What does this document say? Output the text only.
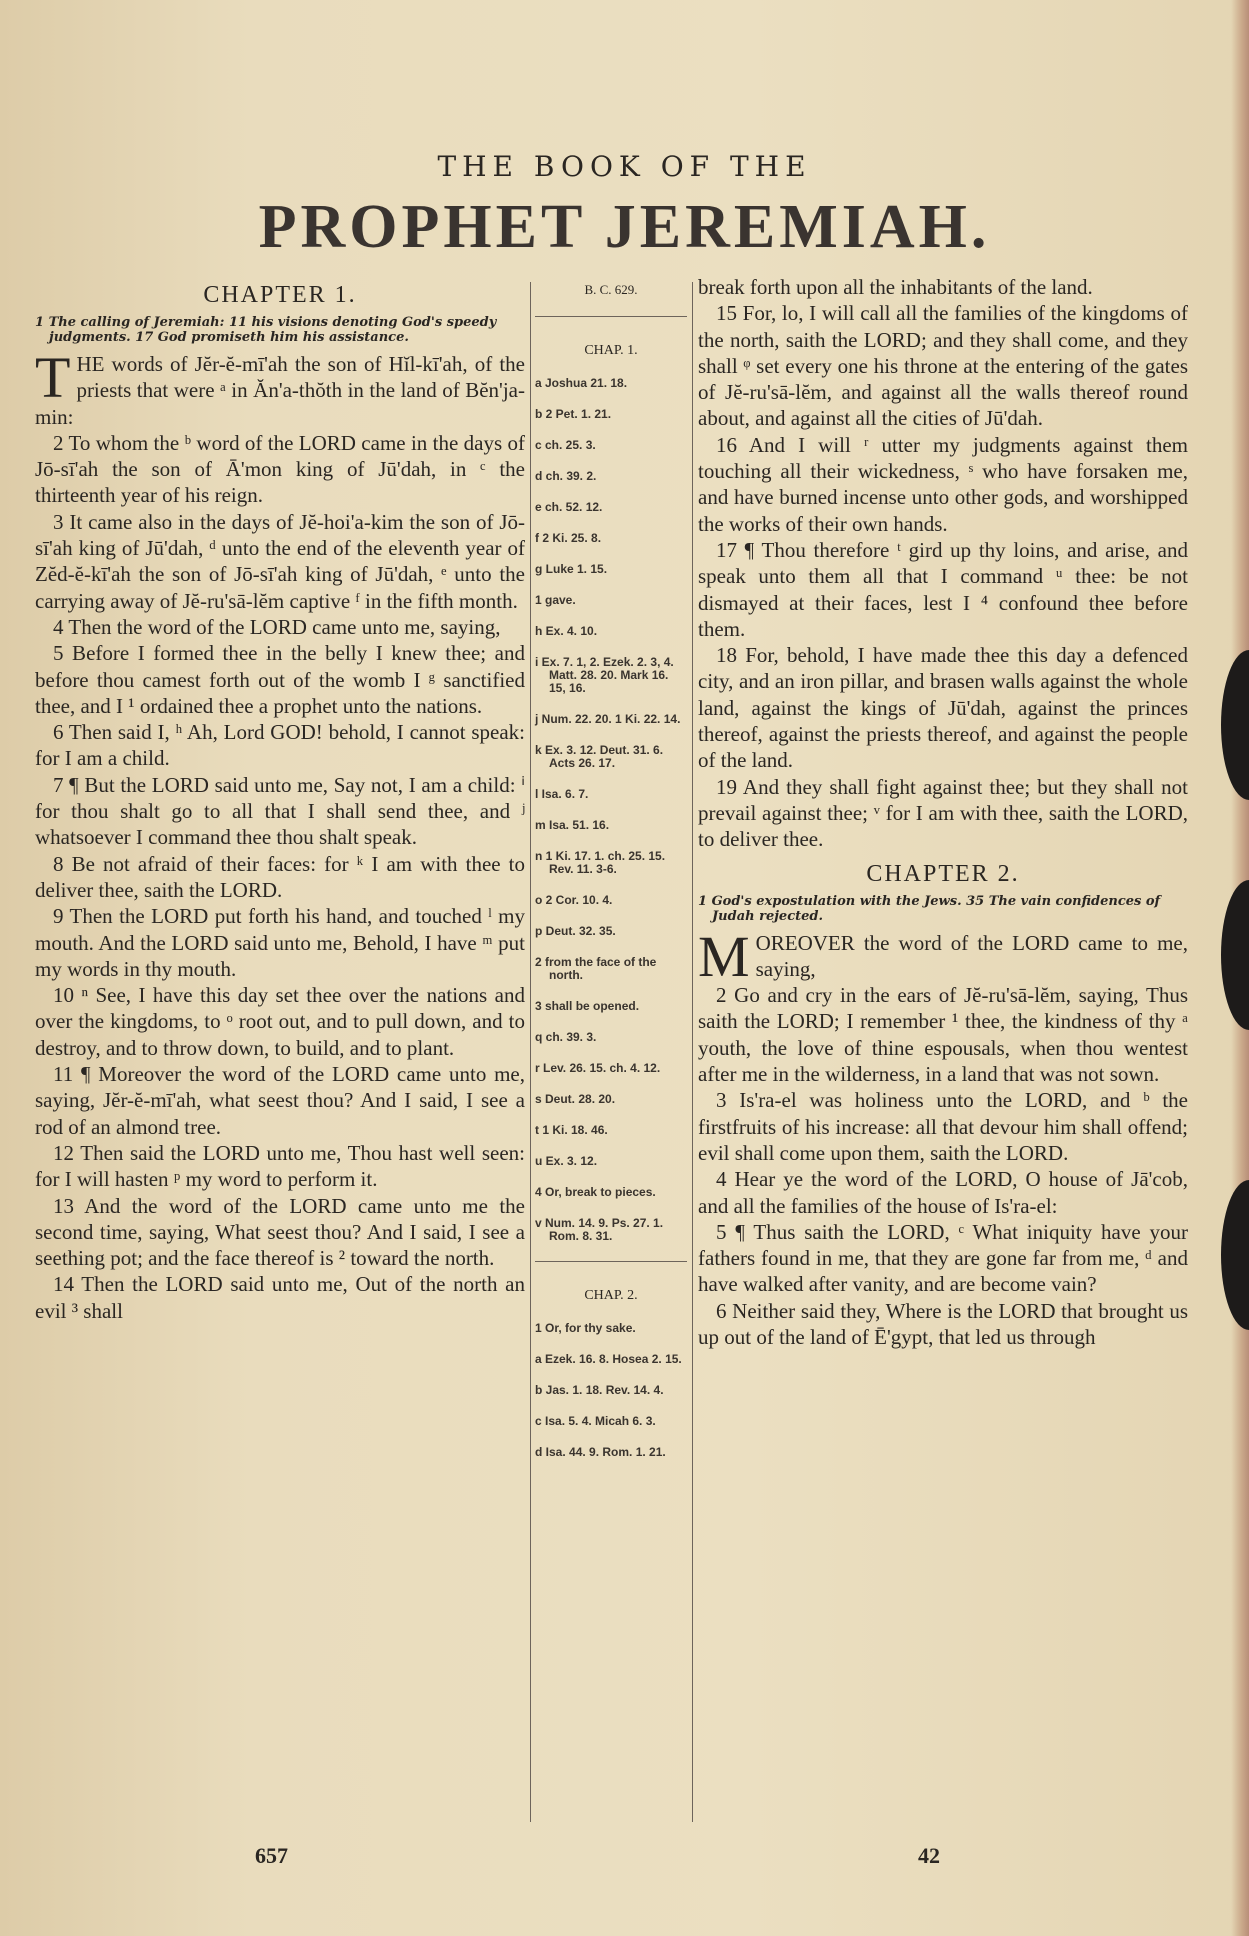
THE BOOK OF THE
PROPHET JEREMIAH.
CHAPTER 1.
1 The calling of Jeremiah: 11 his visions denoting God's speedy judgments. 17 God promiseth him his assistance.

THE words of Jĕr-ĕ-mī'ah the son of Hĭl-kī'ah, of the priests that were ᵃ in Ăn'a-thŏth in the land of Bĕn'ja-min:

2 To whom the ᵇ word of the LORD came in the days of Jō-sī'ah the son of Ā'mon king of Jū'dah, in ᶜ the thirteenth year of his reign.

3 It came also in the days of Jĕ-hoi'a-kim the son of Jō-sī'ah king of Jū'dah, ᵈ unto the end of the eleventh year of Zĕd-ĕ-kī'ah the son of Jō-sī'ah king of Jū'dah, ᵉ unto the carrying away of Jĕ-ru'sā-lĕm captive ᶠ in the fifth month.

4 Then the word of the LORD came unto me, saying,

5 Before I formed thee in the belly I knew thee; and before thou camest forth out of the womb I ᵍ sanctified thee, and I ¹ ordained thee a prophet unto the nations.

6 Then said I, ʰ Ah, Lord GOD! behold, I cannot speak: for I am a child.

7 ¶ But the LORD said unto me, Say not, I am a child: ⁱ for thou shalt go to all that I shall send thee, and ʲ whatsoever I command thee thou shalt speak.

8 Be not afraid of their faces: for ᵏ I am with thee to deliver thee, saith the LORD.

9 Then the LORD put forth his hand, and touched ˡ my mouth. And the LORD said unto me, Behold, I have ᵐ put my words in thy mouth.

10 ⁿ See, I have this day set thee over the nations and over the kingdoms, to ᵒ root out, and to pull down, and to destroy, and to throw down, to build, and to plant.

11 ¶ Moreover the word of the LORD came unto me, saying, Jĕr-ĕ-mī'ah, what seest thou? And I said, I see a rod of an almond tree.

12 Then said the LORD unto me, Thou hast well seen: for I will hasten ᵖ my word to perform it.

13 And the word of the LORD came unto me the second time, saying, What seest thou? And I said, I see a seething pot; and the face thereof is ² toward the north.

14 Then the LORD said unto me, Out of the north an evil ³ shall

B. C. 629.
CHAP. 1.
a Joshua 21. 18.
b 2 Pet. 1. 21.
c ch. 25. 3.
d ch. 39. 2.
e ch. 52. 12.
f 2 Ki. 25. 8.
g Luke 1. 15.
1 gave.
h Ex. 4. 10.
i Ex. 7. 1, 2. Ezek. 2. 3, 4. Matt. 28. 20. Mark 16. 15, 16.
j Num. 22. 20. 1 Ki. 22. 14.
k Ex. 3. 12. Deut. 31. 6. Acts 26. 17.
l Isa. 6. 7.
m Isa. 51. 16.
n 1 Ki. 17. 1. ch. 25. 15. Rev. 11. 3-6.
o 2 Cor. 10. 4.
p Deut. 32. 35.
2 from the face of the north.
3 shall be opened.
q ch. 39. 3.
r Lev. 26. 15. ch. 4. 12.
s Deut. 28. 20.
t 1 Ki. 18. 46.
u Ex. 3. 12.
4 Or, break to pieces.
v Num. 14. 9. Ps. 27. 1. Rom. 8. 31.
CHAP. 2.
1 Or, for thy sake.
a Ezek. 16. 8. Hosea 2. 15.
b Jas. 1. 18. Rev. 14. 4.
c Isa. 5. 4. Micah 6. 3.
d Isa. 44. 9. Rom. 1. 21.

break forth upon all the inhabitants of the land.

15 For, lo, I will call all the families of the kingdoms of the north, saith the LORD; and they shall come, and they shall ᵠ set every one his throne at the entering of the gates of Jĕ-ru'sā-lĕm, and against all the walls thereof round about, and against all the cities of Jū'dah.

16 And I will ʳ utter my judgments against them touching all their wickedness, ˢ who have forsaken me, and have burned incense unto other gods, and worshipped the works of their own hands.

17 ¶ Thou therefore ᵗ gird up thy loins, and arise, and speak unto them all that I command ᵘ thee: be not dismayed at their faces, lest I ⁴ confound thee before them.

18 For, behold, I have made thee this day a defenced city, and an iron pillar, and brasen walls against the whole land, against the kings of Jū'dah, against the princes thereof, against the priests thereof, and against the people of the land.

19 And they shall fight against thee; but they shall not prevail against thee; ᵛ for I am with thee, saith the LORD, to deliver thee.

CHAPTER 2.
1 God's expostulation with the Jews. 35 The vain confidences of Judah rejected.

MOREOVER the word of the LORD came to me, saying,

2 Go and cry in the ears of Jĕ-ru'sā-lĕm, saying, Thus saith the LORD; I remember ¹ thee, the kindness of thy ᵃ youth, the love of thine espousals, when thou wentest after me in the wilderness, in a land that was not sown.

3 Is'ra-el was holiness unto the LORD, and ᵇ the firstfruits of his increase: all that devour him shall offend; evil shall come upon them, saith the LORD.

4 Hear ye the word of the LORD, O house of Jā'cob, and all the families of the house of Is'ra-el:

5 ¶ Thus saith the LORD, ᶜ What iniquity have your fathers found in me, that they are gone far from me, ᵈ and have walked after vanity, and are become vain?

6 Neither said they, Where is the LORD that brought us up out of the land of Ē'gypt, that led us through

657	42
